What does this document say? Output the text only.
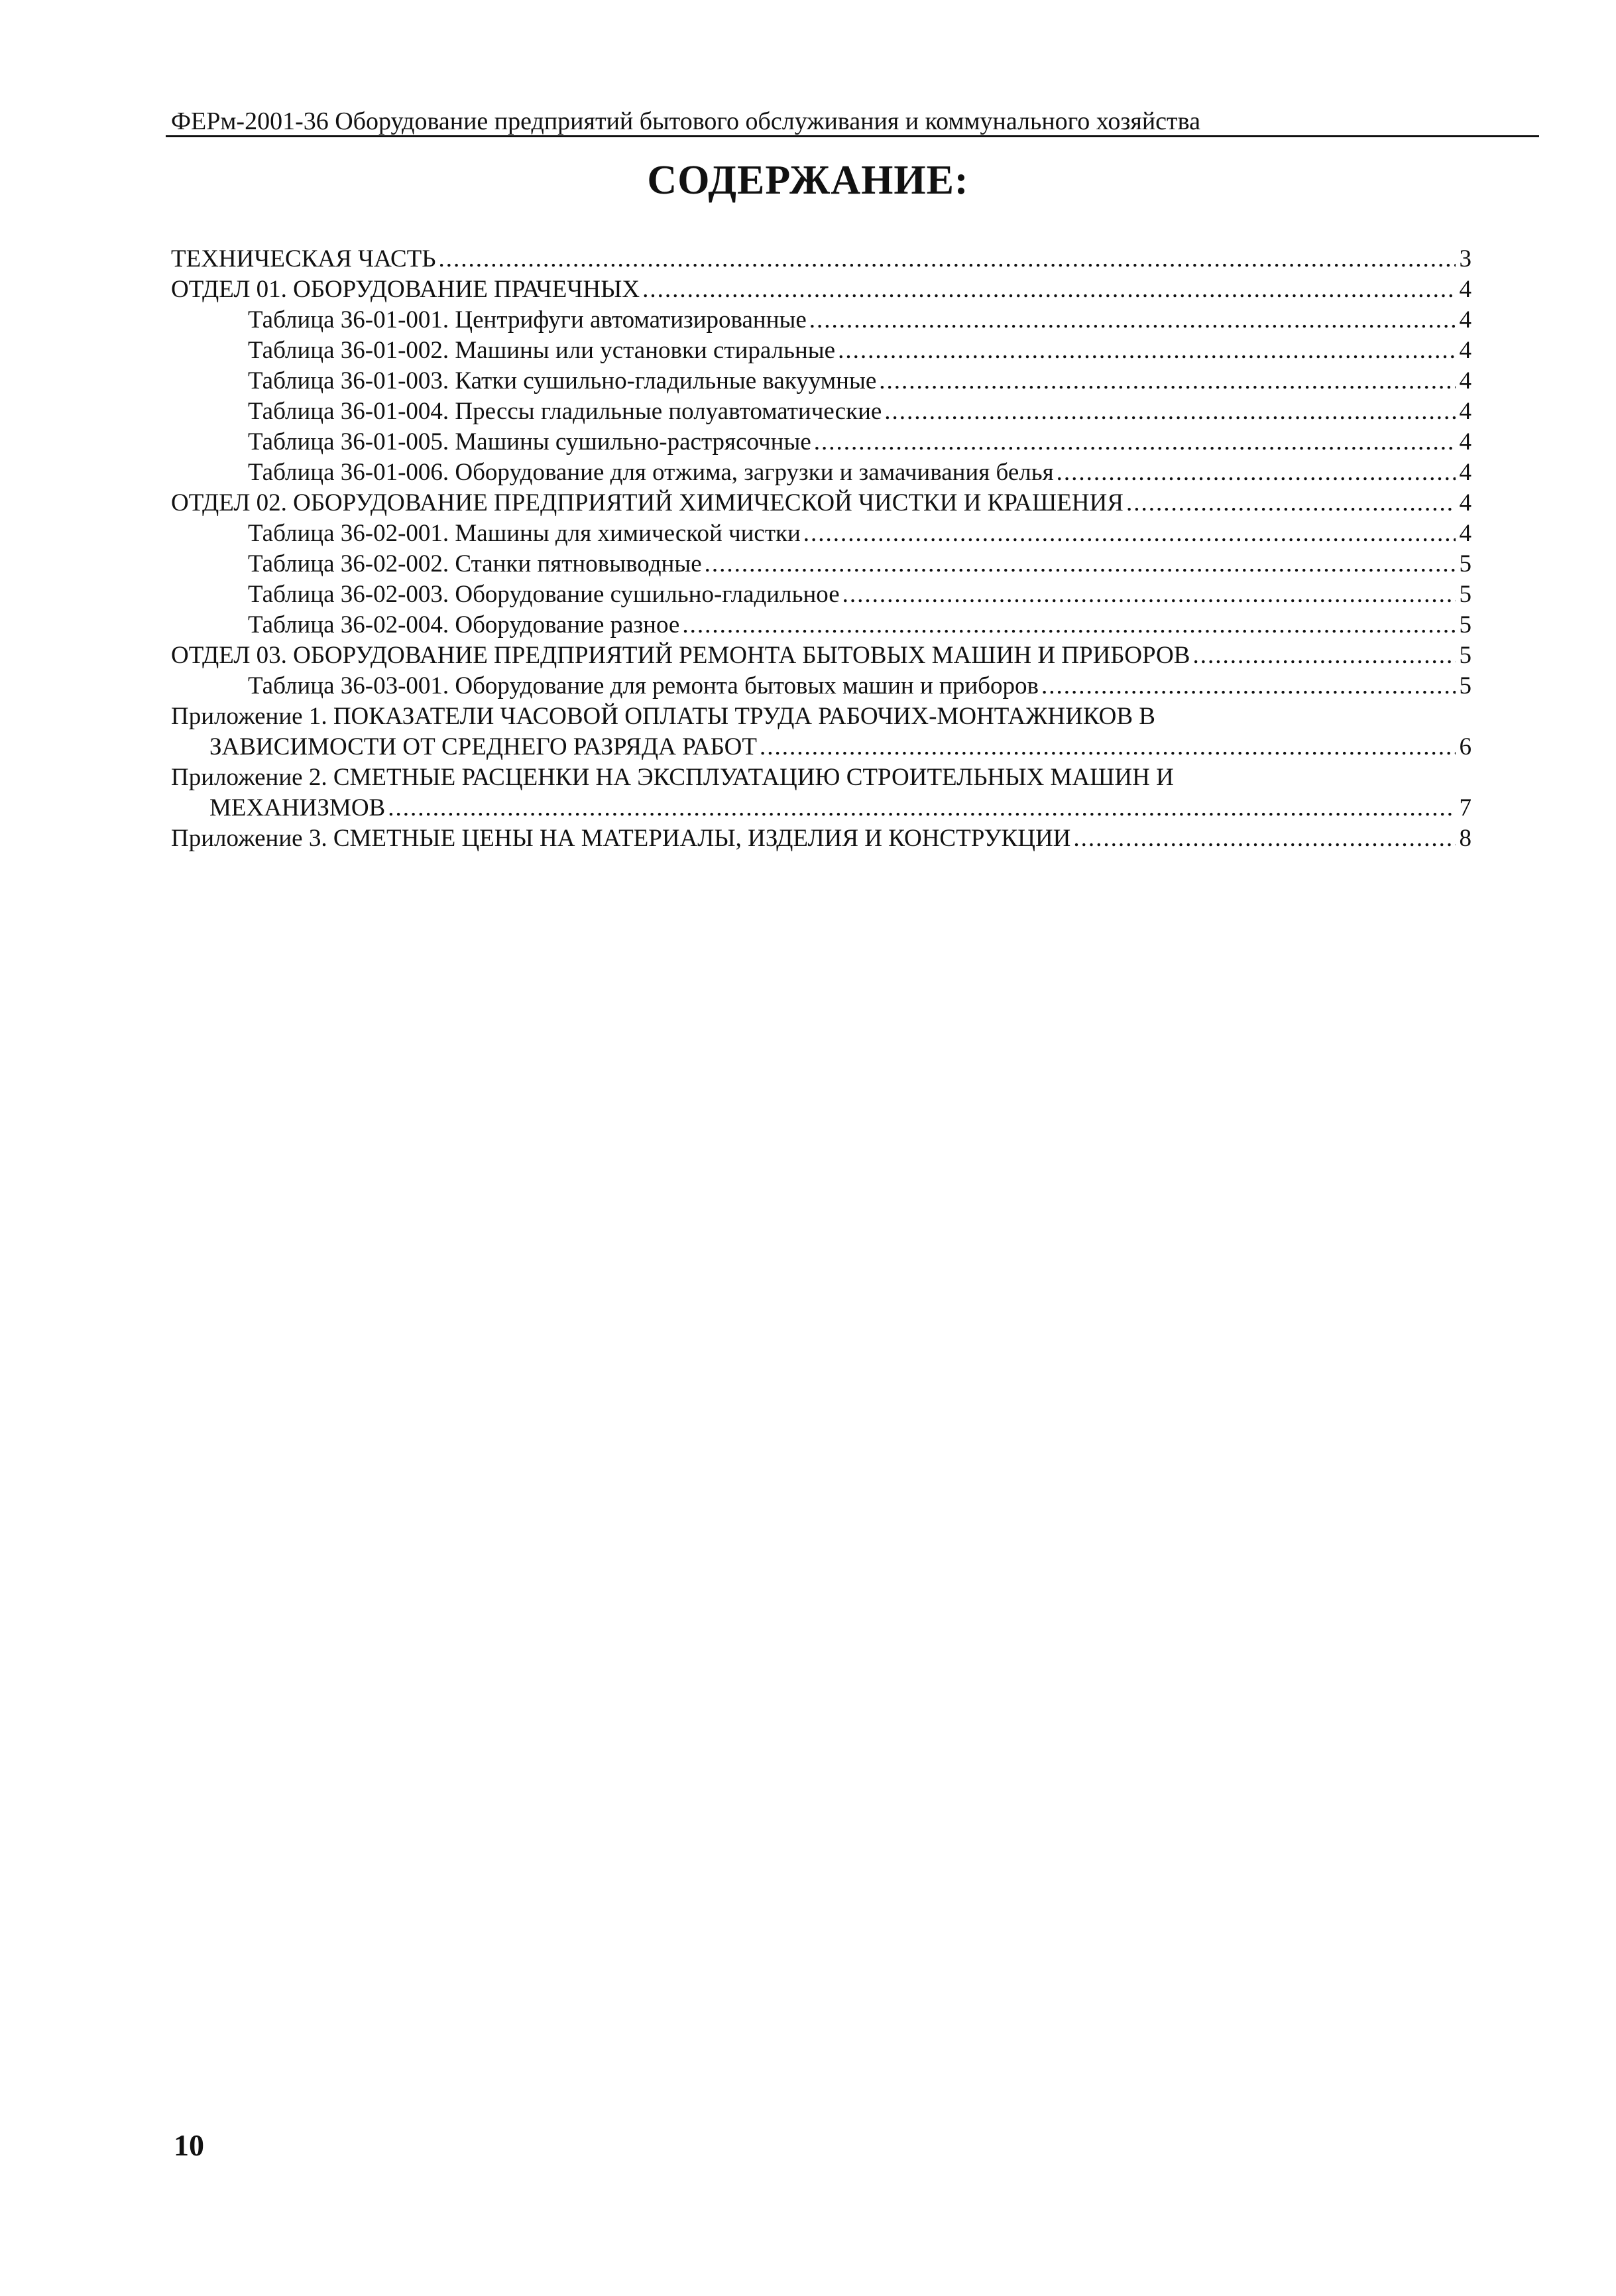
ФЕРм-2001-36 Оборудование предприятий бытового обслуживания и коммунального хозяйства
СОДЕРЖАНИЕ:
ТЕХНИЧЕСКАЯ ЧАСТЬ .....	3
ОТДЕЛ 01. ОБОРУДОВАНИЕ ПРАЧЕЧНЫХ .....	4
Таблица 36-01-001. Центрифуги автоматизированные .....	4
Таблица 36-01-002. Машины или установки стиральные .....	4
Таблица 36-01-003. Катки сушильно-гладильные вакуумные .....	4
Таблица 36-01-004. Прессы гладильные полуавтоматические .....	4
Таблица 36-01-005. Машины сушильно-растрясочные .....	4
Таблица 36-01-006. Оборудование для отжима, загрузки и замачивания белья .....	4
ОТДЕЛ 02. ОБОРУДОВАНИЕ ПРЕДПРИЯТИЙ ХИМИЧЕСКОЙ ЧИСТКИ И КРАШЕНИЯ .....	4
Таблица 36-02-001. Машины для химической чистки .....	4
Таблица 36-02-002. Станки пятновыводные .....	5
Таблица 36-02-003. Оборудование сушильно-гладильное .....	5
Таблица 36-02-004. Оборудование разное .....	5
ОТДЕЛ 03. ОБОРУДОВАНИЕ ПРЕДПРИЯТИЙ РЕМОНТА БЫТОВЫХ МАШИН И ПРИБОРОВ .....	5
Таблица 36-03-001. Оборудование для ремонта бытовых машин и приборов .....	5
Приложение 1. ПОКАЗАТЕЛИ ЧАСОВОЙ ОПЛАТЫ ТРУДА РАБОЧИХ-МОНТАЖНИКОВ В
ЗАВИСИМОСТИ ОТ СРЕДНЕГО РАЗРЯДА РАБОТ .....	6
Приложение 2. СМЕТНЫЕ РАСЦЕНКИ НА ЭКСПЛУАТАЦИЮ СТРОИТЕЛЬНЫХ МАШИН И
МЕХАНИЗМОВ .....	7
Приложение 3. СМЕТНЫЕ ЦЕНЫ НА МАТЕРИАЛЫ, ИЗДЕЛИЯ И КОНСТРУКЦИИ .....	8
10
